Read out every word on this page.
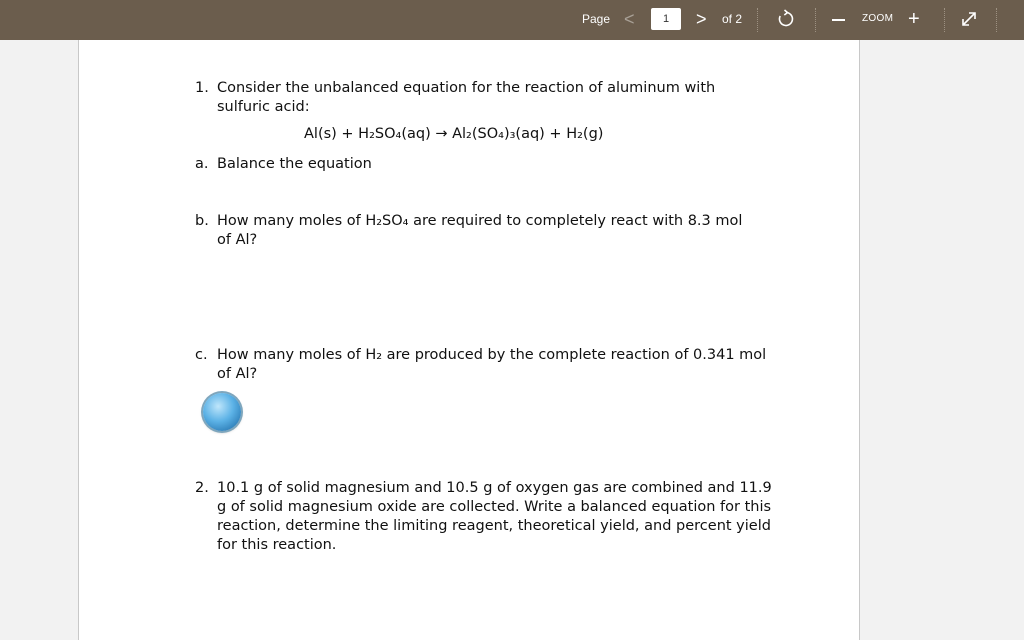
Page <
1	> of 2	ZOOM +
1. Consider the unbalanced equation for the reaction of aluminum with sulfuric acid:
Al(s) + H₂SO₄(aq) → Al₂(SO₄)₃(aq) + H₂(g)
a. Balance the equation
b. How many moles of H₂SO₄ are required to completely react with 8.3 mol of Al?
c. How many moles of H₂ are produced by the complete reaction of 0.341 mol of Al?
2. 10.1 g of solid magnesium and 10.5 g of oxygen gas are combined and 11.9 g of solid magnesium oxide are collected. Write a balanced equation for this reaction, determine the limiting reagent, theoretical yield, and percent yield for this reaction.
